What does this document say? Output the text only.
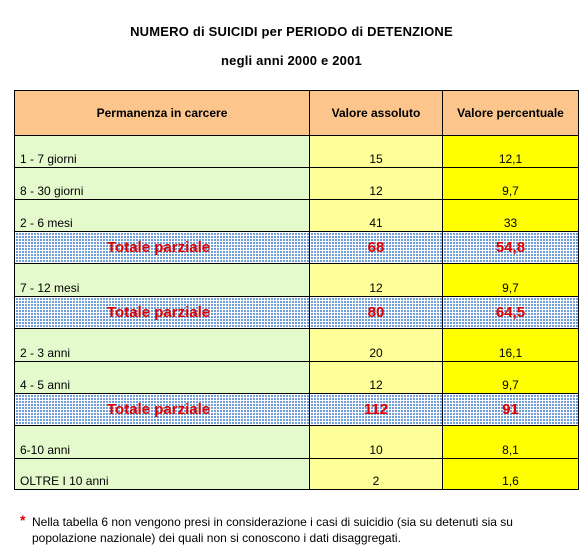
NUMERO di SUICIDI per PERIODO di DETENZIONE
negli anni 2000 e 2001
Permanenza in carcere	Valore assoluto	Valore percentuale
1 - 7 giorni	15	12,1
8 - 30 giorni	12	9,7
2 - 6 mesi	41	33
Totale parziale	68	54,8
7 - 12 mesi	12	9,7
Totale parziale	80	64,5
2 - 3 anni	20	16,1
4 - 5 anni	12	9,7
Totale parziale	112	91
6-10 anni	10	8,1
OLTRE I 10 anni	2	1,6
* Nella tabella 6 non vengono presi in considerazione i casi di suicidio (sia su detenuti sia su popolazione nazionale) dei quali non si conoscono i dati disaggregati.
